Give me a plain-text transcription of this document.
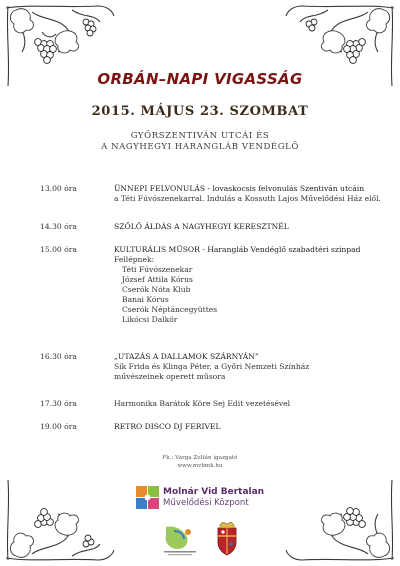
ORBÁN–NAPI VIGASSÁG
2015. MÁJUS 23. SZOMBAT
GYŐRSZENTIVÁN UTCÁI ÉS
A NAGYHEGYI HARANGLÁB VENDÉGLŐ
13.00 óra	ÜNNEPI FELVONULÁS - lovaskocsis felvonulás Szentiván utcáin
a Téti Fúvószenekarral. Indulás a Kossuth Lajos Művelődési Ház elől.
14.30 óra	SZŐLŐ ÁLDÁS A NAGYHEGYI KERESZTNÉL
15.00 óra	KULTURÁLIS MŰSOR - Harangláb Vendéglő szabadtéri színpad
Fellépnek:
Téti Fúvószenekar
József Attila Kórus
Cserók Nóta Klub
Banai Kórus
Cserók Néptáncegyüttes
Likócsi Dalkör
16.30 óra	„UTAZÁS A DALLAMOK SZÁRNYÁN”
Sík Frida és Klinga Péter, a Győri Nemzeti Színház
művészeinek operett műsora
17.30 óra	Harmonika Barátok Köre Sej Edit vezetésével
19.00 óra	RETRO DISCO DJ FERIVEL
Fk.: Varga Zoltán igazgató
www.mvbmk.hu
Molnár Vid Bertalan
Művelődési Központ
